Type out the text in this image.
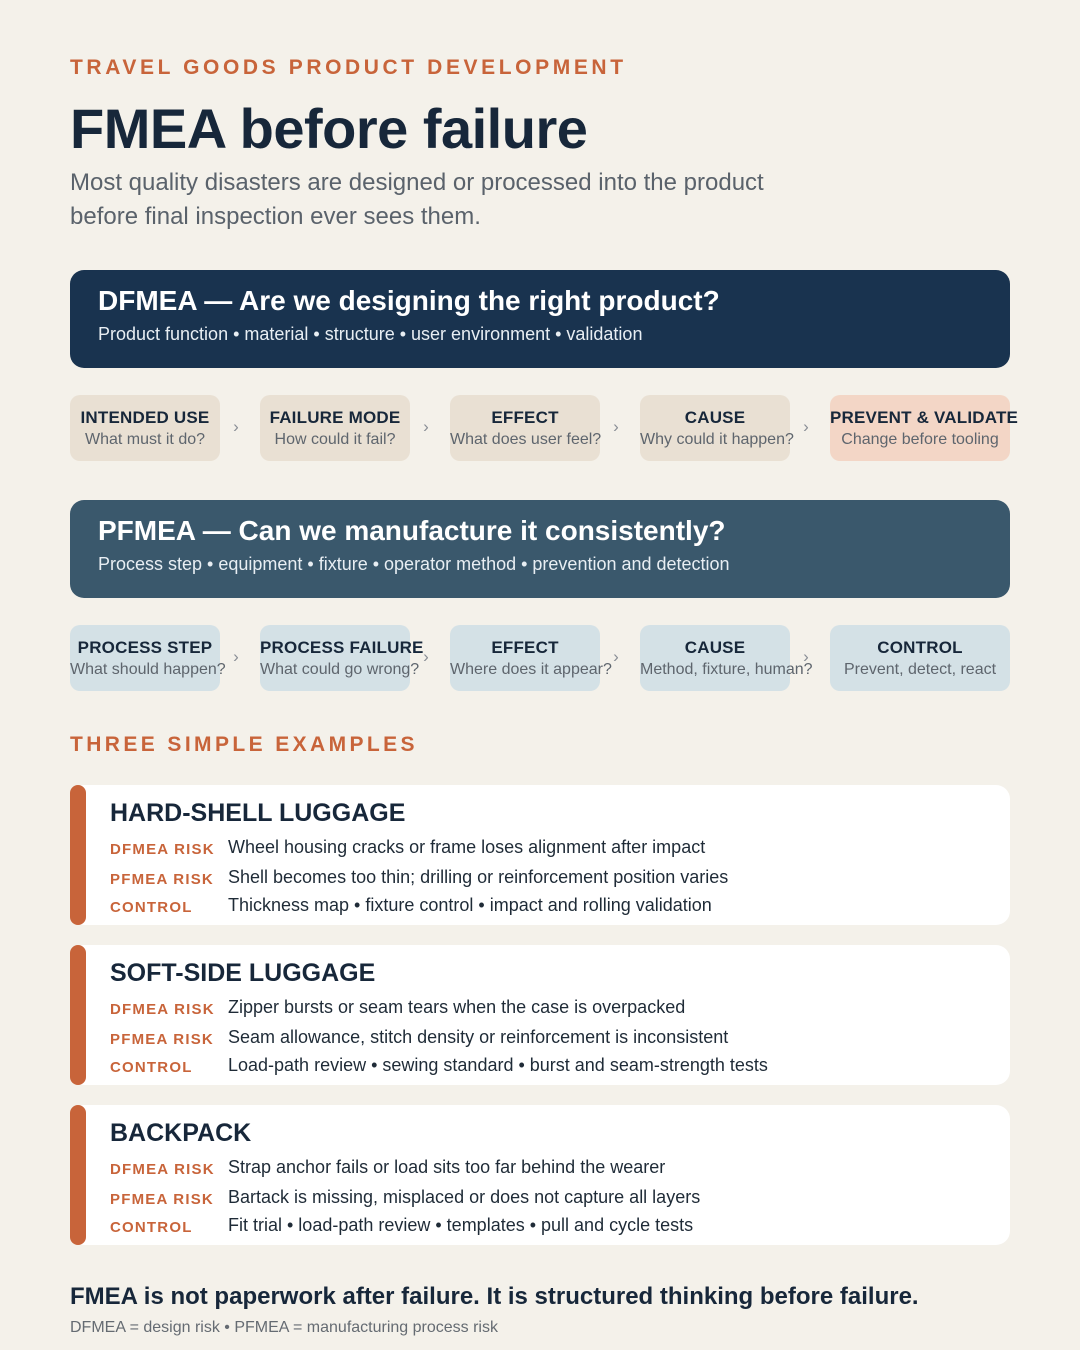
TRAVEL GOODS PRODUCT DEVELOPMENT
FMEA before failure
Most quality disasters are designed or processed into the product before final inspection ever sees them.
DFMEA — Are we designing the right product?
Product function • material • structure • user environment • validation
INTENDED USE
What must it do?
›	FAILURE MODE
How could it fail?
›	EFFECT
What does user feel?
›	CAUSE
Why could it happen?
›	PREVENT & VALIDATE
Change before tooling
PFMEA — Can we manufacture it consistently?
Process step • equipment • fixture • operator method • prevention and detection
PROCESS STEP
What should happen?
›	PROCESS FAILURE
What could go wrong?
›	EFFECT
Where does it appear?
›	CAUSE
Method, fixture, human?
›	CONTROL
Prevent, detect, react
THREE SIMPLE EXAMPLES
HARD-SHELL LUGGAGE
DFMEA RISK Wheel housing cracks or frame loses alignment after impact
PFMEA RISK Shell becomes too thin; drilling or reinforcement position varies
CONTROL	Thickness map • fixture control • impact and rolling validation
SOFT-SIDE LUGGAGE
DFMEA RISK Zipper bursts or seam tears when the case is overpacked
PFMEA RISK Seam allowance, stitch density or reinforcement is inconsistent
CONTROL	Load-path review • sewing standard • burst and seam-strength tests
BACKPACK
DFMEA RISK Strap anchor fails or load sits too far behind the wearer
PFMEA RISK Bartack is missing, misplaced or does not capture all layers
CONTROL	Fit trial • load-path review • templates • pull and cycle tests
FMEA is not paperwork after failure. It is structured thinking before failure.
DFMEA = design risk • PFMEA = manufacturing process risk
